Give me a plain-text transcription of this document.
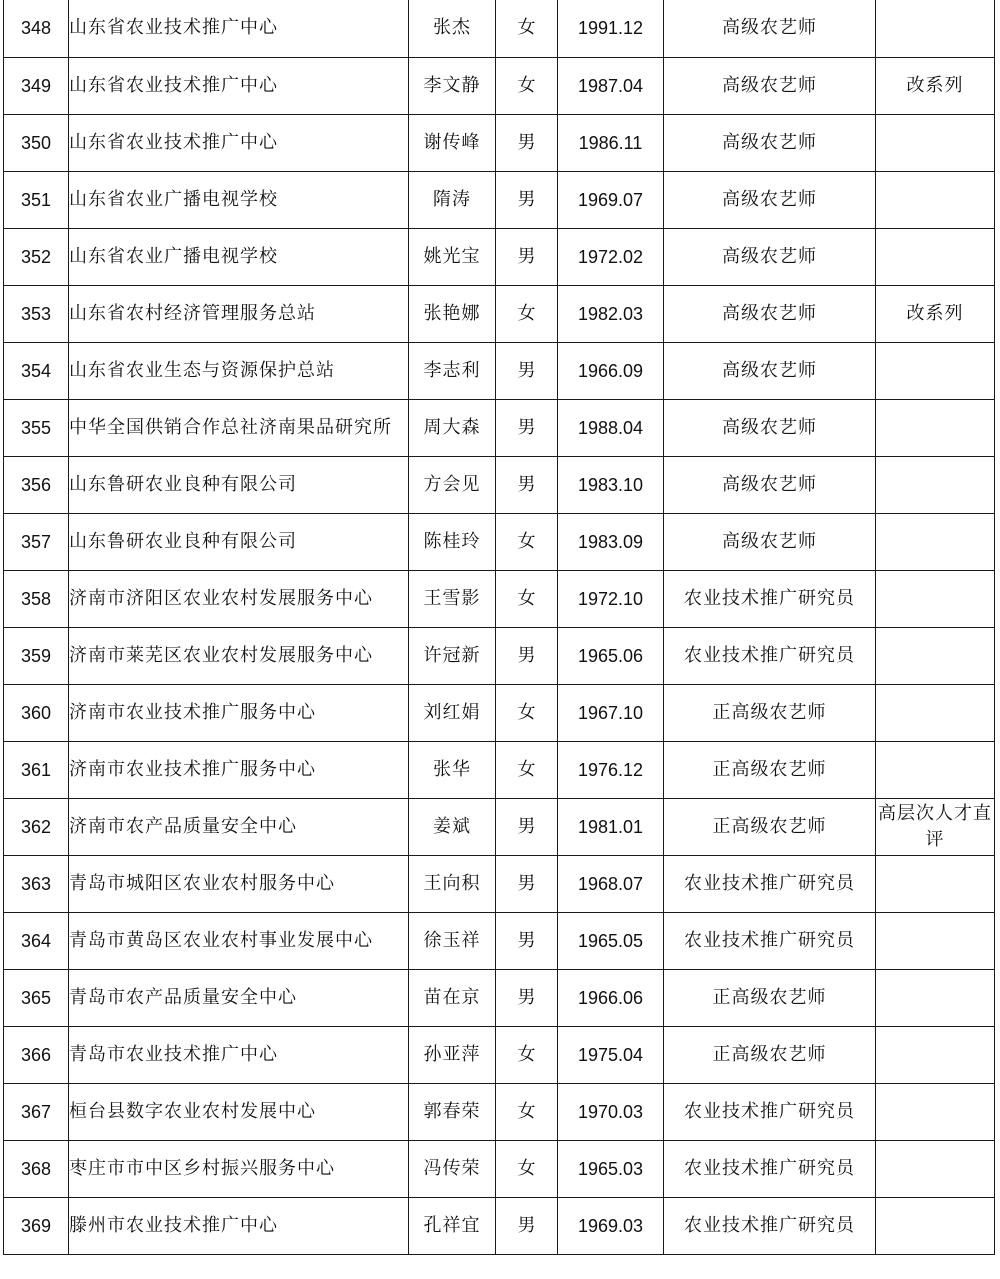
348	山东省农业技术推广中心	张杰	女	1991.12	高级农艺师	
349	山东省农业技术推广中心	李文静	女	1987.04	高级农艺师	改系列
350	山东省农业技术推广中心	谢传峰	男	1986.11	高级农艺师	
351	山东省农业广播电视学校	隋涛	男	1969.07	高级农艺师	
352	山东省农业广播电视学校	姚光宝	男	1972.02	高级农艺师	
353	山东省农村经济管理服务总站	张艳娜	女	1982.03	高级农艺师	改系列
354	山东省农业生态与资源保护总站	李志利	男	1966.09	高级农艺师	
355	中华全国供销合作总社济南果品研究所	周大森	男	1988.04	高级农艺师	
356	山东鲁研农业良种有限公司	方会见	男	1983.10	高级农艺师	
357	山东鲁研农业良种有限公司	陈桂玲	女	1983.09	高级农艺师	
358	济南市济阳区农业农村发展服务中心	王雪影	女	1972.10	农业技术推广研究员	
359	济南市莱芜区农业农村发展服务中心	许冠新	男	1965.06	农业技术推广研究员	
360	济南市农业技术推广服务中心	刘红娟	女	1967.10	正高级农艺师	
361	济南市农业技术推广服务中心	张华	女	1976.12	正高级农艺师	
362	济南市农产品质量安全中心	姜斌	男	1981.01	正高级农艺师	高层次人才直评
363	青岛市城阳区农业农村服务中心	王向积	男	1968.07	农业技术推广研究员	
364	青岛市黄岛区农业农村事业发展中心	徐玉祥	男	1965.05	农业技术推广研究员	
365	青岛市农产品质量安全中心	苗在京	男	1966.06	正高级农艺师	
366	青岛市农业技术推广中心	孙亚萍	女	1975.04	正高级农艺师	
367	桓台县数字农业农村发展中心	郭春荣	女	1970.03	农业技术推广研究员	
368	枣庄市市中区乡村振兴服务中心	冯传荣	女	1965.03	农业技术推广研究员	
369	滕州市农业技术推广中心	孔祥宜	男	1969.03	农业技术推广研究员	
